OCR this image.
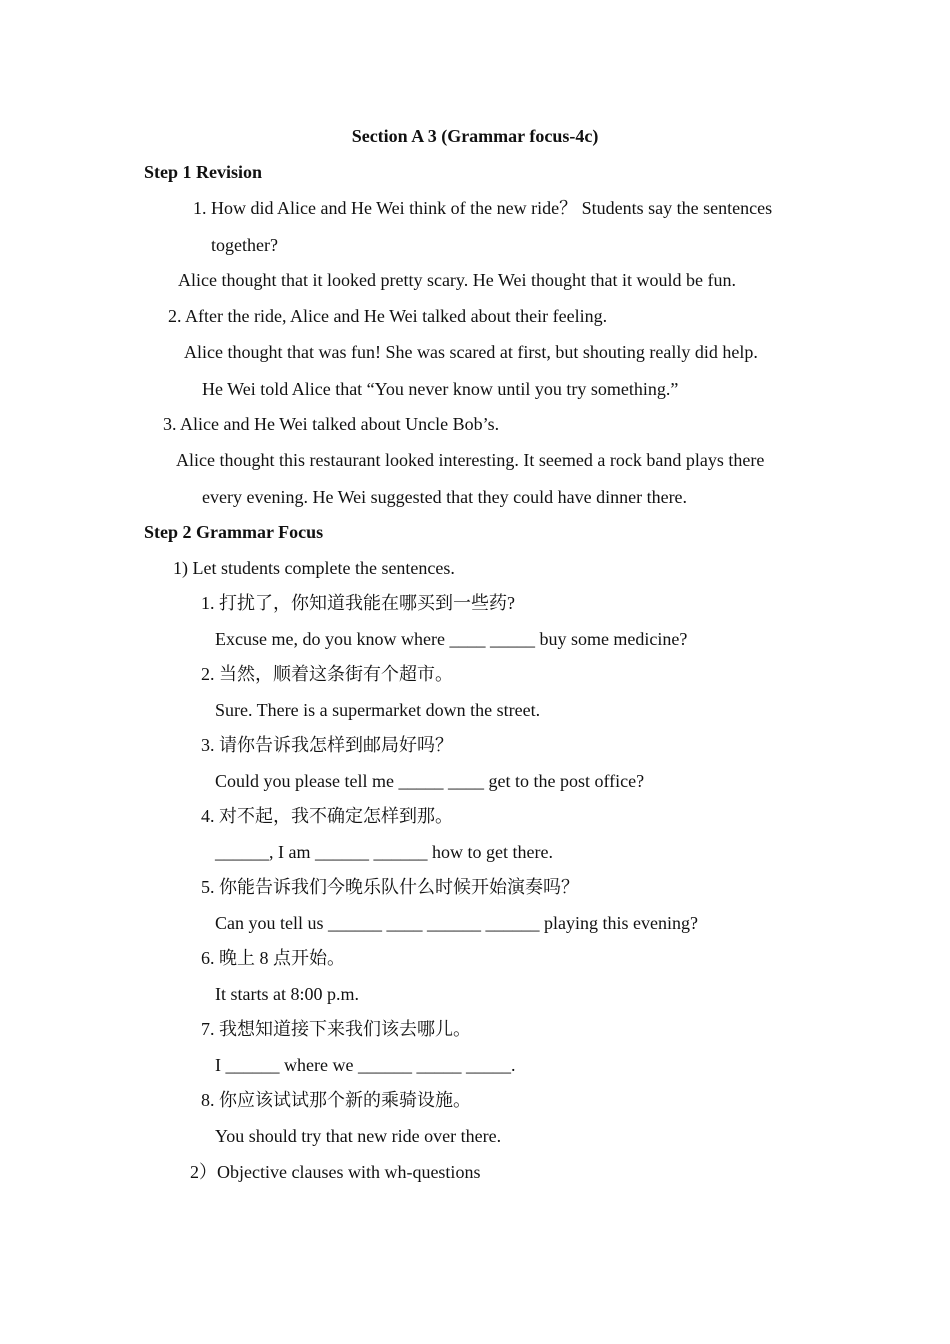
Section A 3 (Grammar focus-4c)
Step 1 Revision
1. How did Alice and He Wei think of the new ride？ Students say the sentences
together?
Alice thought that it looked pretty scary. He Wei thought that it would be fun.
2. After the ride, Alice and He Wei talked about their feeling.
Alice thought that was fun! She was scared at first, but shouting really did help.
He Wei told Alice that “You never know until you try something.”
3. Alice and He Wei talked about Uncle Bob’s.
Alice thought this restaurant looked interesting. It seemed a rock band plays there
every evening. He Wei suggested that they could have dinner there.
Step 2 Grammar Focus
1) Let students complete the sentences.
1. 打扰了，你知道我能在哪买到一些药?
Excuse me, do you know where ____ _____ buy some medicine?
2. 当然，顺着这条街有个超市。
Sure. There is a supermarket down the street.
3. 请你告诉我怎样到邮局好吗？
Could you please tell me _____ ____ get to the post office?
4. 对不起，我不确定怎样到那。
______, I am ______ ______ how to get there.
5. 你能告诉我们今晚乐队什么时候开始演奏吗？
Can you tell us ______ ____ ______ ______ playing this evening?
6. 晚上 8 点开始。
It starts at 8:00 p.m.
7. 我想知道接下来我们该去哪儿。
I ______ where we ______ _____ _____.
8. 你应该试试那个新的乘骑设施。
You should try that new ride over there.
2）Objective clauses with wh-questions
